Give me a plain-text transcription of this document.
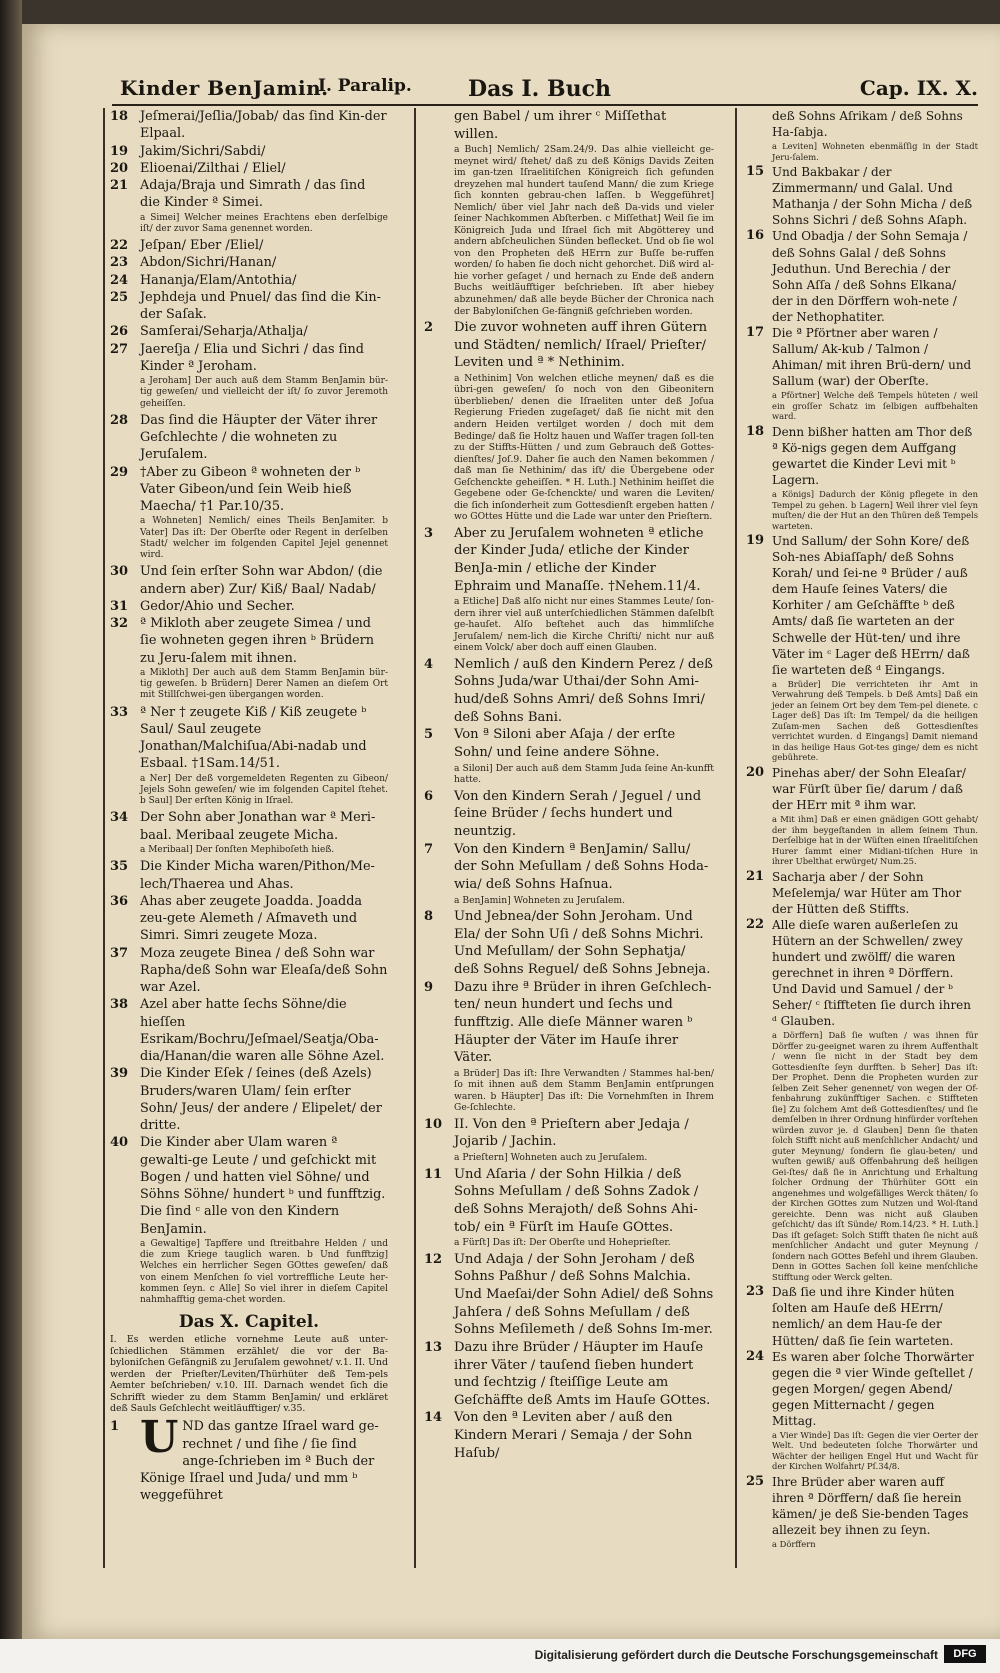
Kinder BenJamin.
I. Paralip.	Das I. Buch	Cap. IX. X.

18 Jeſmerai/Jeſlia/Jobab/ das ſind Kin-der Elpaal.

19 Jakim/Sichri/Sabdi/

20 Elioenai/Zilthai / Eliel/

21 Adaja/Braja und Simrath / das ſind die Kinder ª Simei.

a Simei] Welcher meines Erachtens eben derſelbige iſt/ der zuvor Sama genennet worden.

22 Jeſpan/ Eber /Eliel/

23 Abdon/Sichri/Hanan/

24 Hananja/Elam/Antothia/

25 Jephdeja und Pnuel/ das ſind die Kin-der Saſak.

26 Samſerai/Seharja/Athalja/

27 Jaereſja / Elia und Sichri / das ſind Kinder ª Jeroham.

a Jeroham] Der auch auß dem Stamm BenJamin bür-tig geweſen/ und vielleicht der iſt/ ſo zuvor Jeremoth geheiſſen.

28 Das ſind die Häupter der Väter ihrer Geſchlechte / die wohneten zu Jeruſalem.

29 †Aber zu Gibeon ª wohneten der ᵇ Vater Gibeon/und ſein Weib hieß Maecha/ †1 Par.10/35.

a Wohneten] Nemlich/ eines Theils BenJamiter. b Vater] Das iſt: Der Oberſte oder Regent in derſelben Stadt/ welcher im folgenden Capitel Jejel genennet wird.

30 Und ſein erſter Sohn war Abdon/ (die andern aber) Zur/ Kiß/ Baal/ Nadab/

31 Gedor/Ahio und Secher.

32 ª Mikloth aber zeugete Simea / und ſie wohneten gegen ihren ᵇ Brüdern zu Jeru-ſalem mit ihnen.

a Mikloth] Der auch auß dem Stamm BenJamin bür-tig geweſen. b Brüdern] Derer Namen an dieſem Ort mit Stillſchwei-gen übergangen worden.

33 ª Ner † zeugete Kiß / Kiß zeugete ᵇ Saul/ Saul zeugete Jonathan/Malchiſua/Abi-nadab und Esbaal. †1Sam.14/51.

a Ner] Der deß vorgemeldeten Regenten zu Gibeon/ Jejels Sohn geweſen/ wie im folgenden Capitel ſtehet. b Saul] Der erſten König in Iſrael.

34 Der Sohn aber Jonathan war ª Meri-baal. Meribaal zeugete Micha.

a Meribaal] Der ſonſten Mephiboſeth hieß.

35 Die Kinder Micha waren/Pithon/Me-lech/Thaerea und Ahas.

36 Ahas aber zeugete Joadda. Joadda zeu-gete Alemeth / Aſmaveth und Simri. Simri zeugete Moza.

37 Moza zeugete Binea / deß Sohn war Rapha/deß Sohn war Eleaſa/deß Sohn war Azel.

38 Azel aber hatte ſechs Söhne/die hieſſen Esrikam/Bochru/Jeſmael/Seatja/Oba-dia/Hanan/die waren alle Söhne Azel.

39 Die Kinder Eſek / ſeines (deß Azels) Bruders/waren Ulam/ ſein erſter Sohn/ Jeus/ der andere / Elipelet/ der dritte.

40 Die Kinder aber Ulam waren ª gewalti-ge Leute / und geſchickt mit Bogen / und hatten viel Söhne/ und Söhns Söhne/ hundert ᵇ und funfftzig. Die ſind ᶜ alle von den Kindern BenJamin.

a Gewaltige] Tapffere und ſtreitbahre Helden / und die zum Kriege tauglich waren. b Und funfftzig] Welches ein herrlicher Segen GOttes geweſen/ daß von einem Menſchen ſo viel vortreffliche Leute her-kommen ſeyn. c Alle] So viel ihrer in dieſem Capitel nahmhafftig gema-chet worden.

Das X. Capitel.

I. Es werden etliche vornehme Leute auß unter-ſchiedlichen Stämmen erzählet/ die vor der Ba-byloniſchen Gefängniß zu Jeruſalem gewohnet/ v.1. II. Und werden der Prieſter/Leviten/Thürhüter deß Tem-pels Aemter beſchrieben/ v.10. III. Darnach wendet ſich die Schrifft wieder zu dem Stamm BenJamin/ und erkläret deß Sauls Geſchlecht weitläufftiger/ v.35.

1 U ND das gantze Iſrael ward ge-rechnet / und ſihe / ſie ſind ange-ſchrieben im ª Buch der Könige Iſrael und Juda/ und mm ᵇ weggeführet

gen Babel / um ihrer ᶜ Miſſethat willen.

a Buch] Nemlich/ 2Sam.24/9. Das alhie vielleicht ge-meynet wird/ ſtehet/ daß zu deß Königs Davids Zeiten im gan-tzen Iſraelitiſchen Königreich ſich gefunden dreyzehen mal hundert tauſend Mann/ die zum Kriege ſich konnten gebrau-chen laſſen. b Weggeführet] Nemlich/ über viel Jahr nach deß Da-vids und vieler ſeiner Nachkommen Abſterben. c Miſſethat] Weil ſie im Königreich Juda und Iſrael ſich mit Abgötterey und andern abſcheulichen Sünden beflecket. Und ob ſie wol von den Propheten deß HErrn zur Buſſe be-ruffen worden/ ſo haben ſie doch nicht gehorchet. Diß wird al-hie vorher geſaget / und hernach zu Ende deß andern Buchs weitläufftiger beſchrieben. Iſt aber hiebey abzunehmen/ daß alle beyde Bücher der Chronica nach der Babyloniſchen Ge-fängniß geſchrieben worden.

2	Die zuvor wohneten auff ihren Gütern und Städten/ nemlich/ Iſrael/ Prieſter/ Leviten und ª * Nethinim.

a Nethinim] Von welchen etliche meynen/ daß es die übri-gen geweſen/ ſo noch von den Gibeonitern überblieben/ denen die Iſraeliten unter deß Joſua Regierung Frieden zugeſaget/ daß ſie nicht mit den andern Heiden vertilget worden / doch mit dem Bedinge/ daß ſie Holtz hauen und Waſſer tragen ſoll-ten zu der Stiffts-Hütten / und zum Gebrauch deß Gottes-dienſtes/ Joſ.9. Daher ſie auch den Namen bekommen / daß man ſie Nethinim/ das iſt/ die Übergebene oder Geſchenckte geheiſſen. * H. Luth.] Nethinim heiſſet die Gegebene oder Ge-ſchenckte/ und waren die Leviten/ die ſich inſonderheit zum Gottesdienſt ergeben hatten / wo GOttes Hütte und die Lade war unter den Prieſtern.

3	Aber zu Jeruſalem wohneten ª etliche der Kinder Juda/ etliche der Kinder BenJa-min / etliche der Kinder Ephraim und Manaſſe. †Nehem.11/4.

a Etliche] Daß alſo nicht nur eines Stammes Leute/ ſon-dern ihrer viel auß unterſchiedlichen Stämmen daſelbſt ge-hauſet. Alſo beſtehet auch das himmliſche Jeruſalem/ nem-lich die Kirche Chriſti/ nicht nur auß einem Volck/ aber doch auff einen Glauben.

4	Nemlich / auß den Kindern Perez / deß Sohns Juda/war Uthai/der Sohn Ami-hud/deß Sohns Amri/ deß Sohns Imri/ deß Sohns Bani.

5	Von ª Siloni aber Aſaja / der erſte Sohn/ und ſeine andere Söhne.

a Siloni] Der auch auß dem Stamm Juda ſeine An-kunfft hatte.

6	Von den Kindern Serah / Jeguel / und ſeine Brüder / ſechs hundert und neuntzig.

7	Von den Kindern ª BenJamin/ Sallu/ der Sohn Meſullam / deß Sohns Hoda-wia/ deß Sohns Haſnua.

a BenJamin] Wohneten zu Jeruſalem.

8	Und Jebnea/der Sohn Jeroham. Und Ela/ der Sohn Uſi / deß Sohns Michri. Und Meſullam/ der Sohn Sephatja/ deß Sohns Reguel/ deß Sohns Jebneja.

9	Dazu ihre ª Brüder in ihren Geſchlech-ten/ neun hundert und ſechs und funfftzig. Alle dieſe Männer waren ᵇ Häupter der Väter im Hauſe ihrer Väter.

a Brüder] Das iſt: Ihre Verwandten / Stammes hal-ben/ ſo mit ihnen auß dem Stamm BenJamin entſprungen waren. b Häupter] Das iſt: Die Vornehmſten in Ihrem Ge-ſchlechte.

10 II. Von den ª Prieſtern aber Jedaja / Jojarib / Jachin.

a Prieſtern] Wohneten auch zu Jeruſalem.

11 Und Aſaria / der Sohn Hilkia / deß Sohns Meſullam / deß Sohns Zadok / deß Sohns Merajoth/ deß Sohns Ahi-tob/ ein ª Fürſt im Hauſe GOttes.

a Fürſt] Das iſt: Der Oberſte und Hoheprieſter.

12 Und Adaja / der Sohn Jeroham / deß Sohns Paßhur / deß Sohns Malchia. Und Maeſai/der Sohn Adiel/ deß Sohns Jahſera / deß Sohns Meſullam / deß Sohns Meſilemeth / deß Sohns Im-mer.

13 Dazu ihre Brüder / Häupter im Hauſe ihrer Väter / tauſend ſieben hundert und ſechtzig / ſteiſſige Leute am Geſchäffte deß Amts im Hauſe GOttes.

14 Von den ª Leviten aber / auß den Kindern Merari / Semaja / der Sohn Haſub/

deß Sohns Aſrikam / deß Sohns Ha-ſabja.

a Leviten] Wohneten ebenmäſſig in der Stadt Jeru-ſalem.

15 Und Bakbakar / der Zimmermann/ und Galal. Und Mathanja / der Sohn Micha / deß Sohns Sichri / deß Sohns Aſaph.

16 Und Obadja / der Sohn Semaja / deß Sohns Galal / deß Sohns Jeduthun. Und Berechia / der Sohn Aſſa / deß Sohns Elkana/ der in den Dörffern woh-nete / der Nethophatiter.

17 Die ª Pförtner aber waren / Sallum/ Ak-kub / Talmon / Ahiman/ mit ihren Brü-dern/ und Sallum (war) der Oberſte.

a Pförtner] Welche deß Tempels hüteten / weil ein groſſer Schatz im ſelbigen auffbehalten ward.

18 Denn bißher hatten am Thor deß ª Kö-nigs gegen dem Auffgang gewartet die Kinder Levi mit ᵇ Lagern.

a Königs] Dadurch der König pflegete in den Tempel zu gehen. b Lagern] Weil ihrer viel ſeyn muſten/ die der Hut an den Thüren deß Tempels warteten.

19 Und Sallum/ der Sohn Kore/ deß Soh-nes Abiaſſaph/ deß Sohns Korah/ und ſei-ne ª Brüder / auß dem Hauſe ſeines Vaters/ die Korhiter / am Geſchäffte ᵇ deß Amts/ daß ſie warteten an der Schwelle der Hüt-ten/ und ihre Väter im ᶜ Lager deß HErrn/ daß ſie warteten deß ᵈ Eingangs.

a Brüder] Die verrichteten ihr Amt in Verwahrung deß Tempels. b Deß Amts] Daß ein jeder an ſeinem Ort bey dem Tem-pel dienete. c Lager deß] Das iſt: Im Tempel/ da die heiligen Zuſam-men Sachen deß Gottesdienſtes verrichtet wurden. d Eingangs] Damit niemand in das heilige Haus Got-tes ginge/ dem es nicht gebührete.

20 Pinehas aber/ der Sohn Eleaſar/ war Fürſt über ſie/ darum / daß der HErr mit ª ihm war.

a Mit ihm] Daß er einen gnädigen GOtt gehabt/ der ihm beygeſtanden in allem ſeinem Thun. Derſelbige hat in der Wüſten einen Iſraelitiſchen Hurer ſammt einer Midiani-tiſchen Hure in ihrer Ubelthat erwürget/ Num.25.

21 Sacharja aber / der Sohn Meſelemja/ war Hüter am Thor der Hütten deß Stiffts.

22 Alle dieſe waren außerleſen zu Hütern an der Schwellen/ zwey hundert und zwölff/ die waren gerechnet in ihren ª Dörffern. Und David und Samuel / der ᵇ Seher/ ᶜ ſtiffteten ſie durch ihren ᵈ Glauben.

a Dörffern] Daß ſie wuſten / was ihnen für Dörffer zu-geeignet waren zu ihrem Auffenthalt / wenn ſie nicht in der Stadt bey dem Gottesdienſte ſeyn durfften. b Seher] Das iſt: Der Prophet. Denn die Propheten wurden zur ſelben Zeit Seher genennet/ von wegen der Of-fenbahrung zukünfftiger Sachen. c Stiffteten ſie] Zu ſolchem Amt deß Gottesdienſtes/ und ſie demſelben in ihrer Ordnung hinfürder vorſtehen würden zuvor je. d Glauben] Denn ſie thaten ſolch Stifft nicht auß menſchlicher Andacht/ und guter Meynung/ ſondern ſie glau-beten/ und wuſten gewiß/ auß Offenbahrung deß heiligen Gei-ſtes/ daß ſie in Anrichtung und Erhaltung ſolcher Ordnung der Thürhüter GOtt ein angenehmes und wolgefälliges Werck thäten/ ſo der Kirchen GOttes zum Nutzen und Wol-ſtand gereichte. Denn was nicht auß Glauben geſchicht/ das iſt Sünde/ Rom.14/23. * H. Luth.] Das iſt geſaget: Solch Stifft thaten ſie nicht auß menſchlicher Andacht und guter Meynung / ſondern nach GOttes Befehl und ihrem Glauben. Denn in GOttes Sachen ſoll keine menſchliche Stifftung oder Werck gelten.

23 Daß ſie und ihre Kinder hüten ſolten am Hauſe deß HErrn/ nemlich/ an dem Hau-ſe der Hütten/ daß ſie ſein warteten.

24 Es waren aber ſolche Thorwärter gegen die ª vier Winde geſtellet / gegen Morgen/ gegen Abend/ gegen Mitternacht / gegen Mittag.

a Vier Winde] Das iſt: Gegen die vier Oerter der Welt. Und bedeuteten ſolche Thorwärter und Wächter der heiligen Engel Hut und Wacht für der Kirchen Wolfahrt/ Pſ.34/8.

25 Ihre Brüder aber waren auff ihren ª Dörffern/ daß ſie herein kämen/ je deß Sie-benden Tages allezeit bey ihnen zu ſeyn.

a Dörffern

Digitalisierung gefördert durch die Deutsche Forschungsgemeinschaft	DFG
